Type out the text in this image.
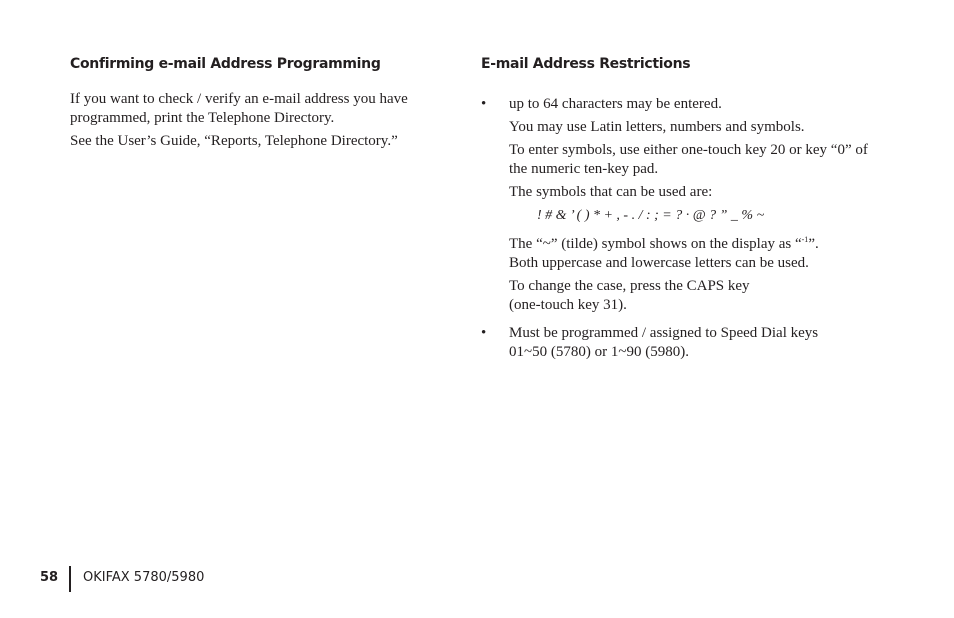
Confirming e-mail Address Programming

If you want to check / verify an e-mail address you have programmed, print the Telephone Directory.

See the User’s Guide, “Reports, Telephone Directory.”

E-mail Address Restrictions
• up to 64 characters may be entered.

You may use Latin letters, numbers and symbols.

To enter symbols, use either one-touch key 20 or key “0” of the numeric ten-key pad.

The symbols that can be used are:

! # & ’ ( ) * + , - . / : ; = ? · @ ? ” _ % ~

The “~” (tilde) symbol shows on the display as “$^{-1}$”.

Both uppercase and lowercase letters can be used.

To change the case, press the CAPS key

(one-touch key 31).

• Must be programmed / assigned to Speed Dial keys 01~50 (5780) or 1~90 (5980).

58 OKIFAX 5780/5980
